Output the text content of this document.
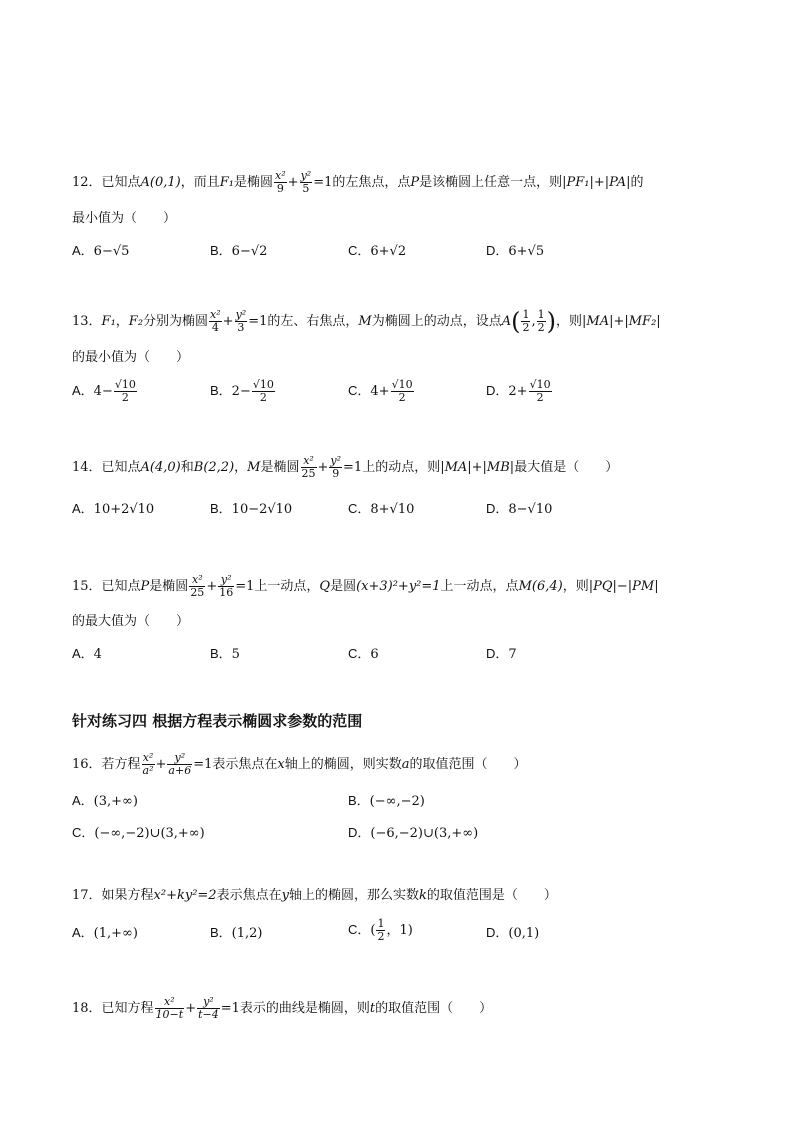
12．已知点A(0,1)，而且F₁是椭圆 $\frac{\text{x²}}{9} + \frac{\text{y²}}{5} =1$的左焦点，点P是该椭圆上任意一点，则|PF₁|+|PA|的
最小值为（　　）
A．6−√5	B．6−√2	C．6+√2	D．6+√5
13．F₁，F₂分别为椭圆 $\frac{\text{x²}}{4} + \frac{\text{y²}}{3} =1$的左、右焦点，M为椭圆上的动点，设点$A( \frac{1}{2}$ , $\frac{1}{2}$ )，则|MA|+|MF₂|
的最小值为（　　）
A．$4- \frac{√10}{2}$	B．$2- \frac{√10}{2}$	C．$4+ \frac{√10}{2}$	D．$2+ \frac{√10}{2}$
14．已知点A(4,0)和B(2,2)，M是椭圆 $\frac{\text{x²}}{25} + \frac{\text{y²}}{9} =1$上的动点，则|MA|+|MB|最大值是（　　）
A．10+2√10	B．10−2√10	C．8+√10	D．8−√10
15．已知点P是椭圆 $\frac{\text{x²}}{25} + \frac{\text{y²}}{16} =1$上一动点，Q是圆(x+3)²+y²=1上一动点，点M(6,4)，则|PQ|−|PM|
的最大值为（　　）
A．4	B．5	C．6	D．7
针对练习四 根据方程表示椭圆求参数的范围
16．若方程 $\frac{\text{x²}}{\text{a²}} + \frac{\text{y²}}{a+6} =1$表示焦点在x轴上的椭圆，则实数a的取值范围（　　）
A．(3,+∞)	B．(−∞,−2)
C．(−∞,−2)∪(3,+∞)	D．(−6,−2)∪(3,+∞)
17．如果方程x²+ky²=2表示焦点在y轴上的椭圆，那么实数k的取值范围是（　　）
A．(1,+∞)	B．(1,2)	C．( $\frac{1}{2}$ ，1)	D．(0,1)
18．已知方程 $\frac{\text{x²}}{10-t} + \frac{\text{y²}}{t-4} =1$表示的曲线是椭圆，则t的取值范围（　　）
